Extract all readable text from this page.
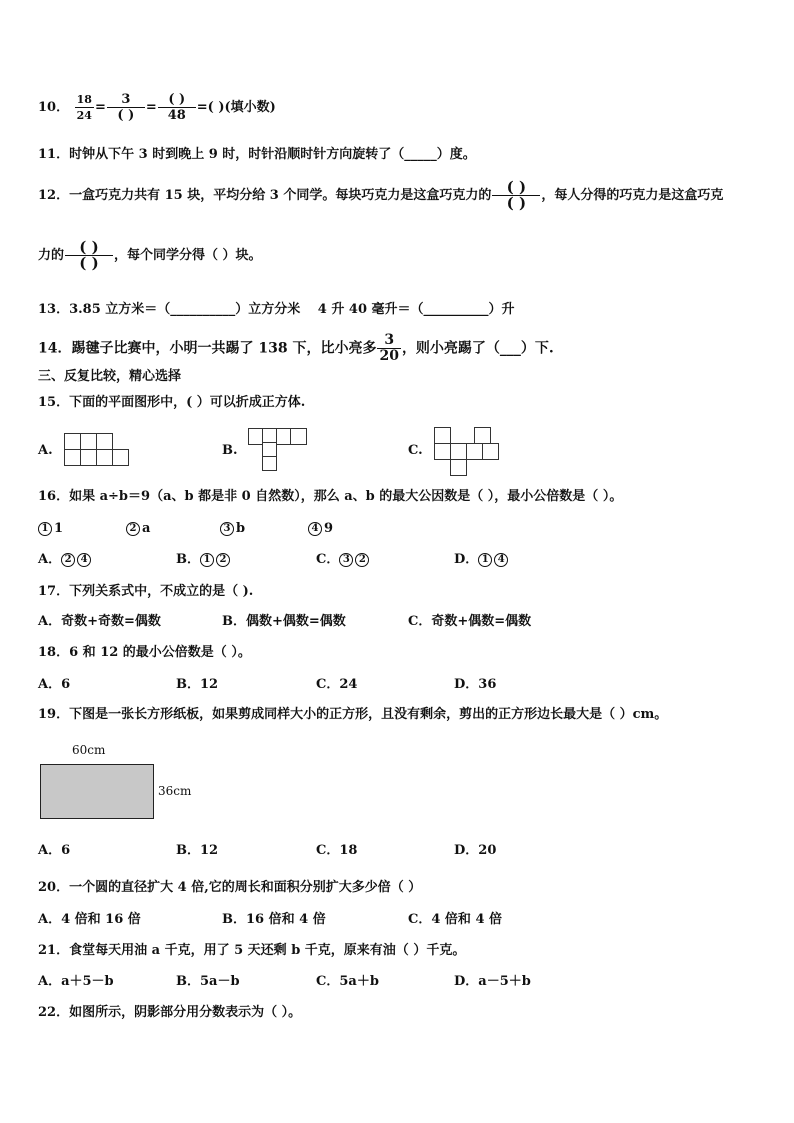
10． $\frac{18}{24} = \frac{3}{( )} = \frac{( )}{48}$ =( )(填小数)
11．时钟从下午 3 时到晚上 9 时，时针沿顺时针方向旋转了（_____）度。
12．一盒巧克力共有 15 块，平均分给 3 个同学。每块巧克力是这盒巧克力的 $\frac{( )}{( )}$ ，每人分得的巧克力是这盒巧克
力的 $\frac{( )}{( )}$ ，每个同学分得（ ）块。
13．3.85 立方米＝（__________）立方分米　 4 升 40 毫升＝（__________）升
14．踢毽子比赛中，小明一共踢了 138 下，比小亮多 $\frac{3}{20}$ ，则小亮踢了（___）下.
三、反复比较，精心选择
15．下面的平面图形中，( ）可以折成正方体.
A.	B.	C.
16．如果 a÷b＝9（a、b 都是非 0 自然数），那么 a、b 的最大公因数是（ ），最小公倍数是（ ）。
1 1	2 a	3 b	4 9
A． 2 4	B． 1 2	C． 3 2	D． 1 4
17．下列关系式中，不成立的是（ ).
A．奇数+奇数=偶数	B．偶数+偶数=偶数	C．奇数+偶数=偶数
18．6 和 12 的最小公倍数是（ ）。
A．6	B．12	C．24	D．36
19．下图是一张长方形纸板，如果剪成同样大小的正方形，且没有剩余，剪出的正方形边长最大是（ ）cm。
60cm
36cm
A．6	B．12	C．18	D．20
20．一个圆的直径扩大 4 倍,它的周长和面积分别扩大多少倍（ ）
A．4 倍和 16 倍	B．16 倍和 4 倍	C．4 倍和 4 倍
21．食堂每天用油 a 千克，用了 5 天还剩 b 千克，原来有油（ ）千克。
A．a＋5－b	B．5a－b	C．5a＋b	D．a－5＋b
22．如图所示，阴影部分用分数表示为（ ）。
